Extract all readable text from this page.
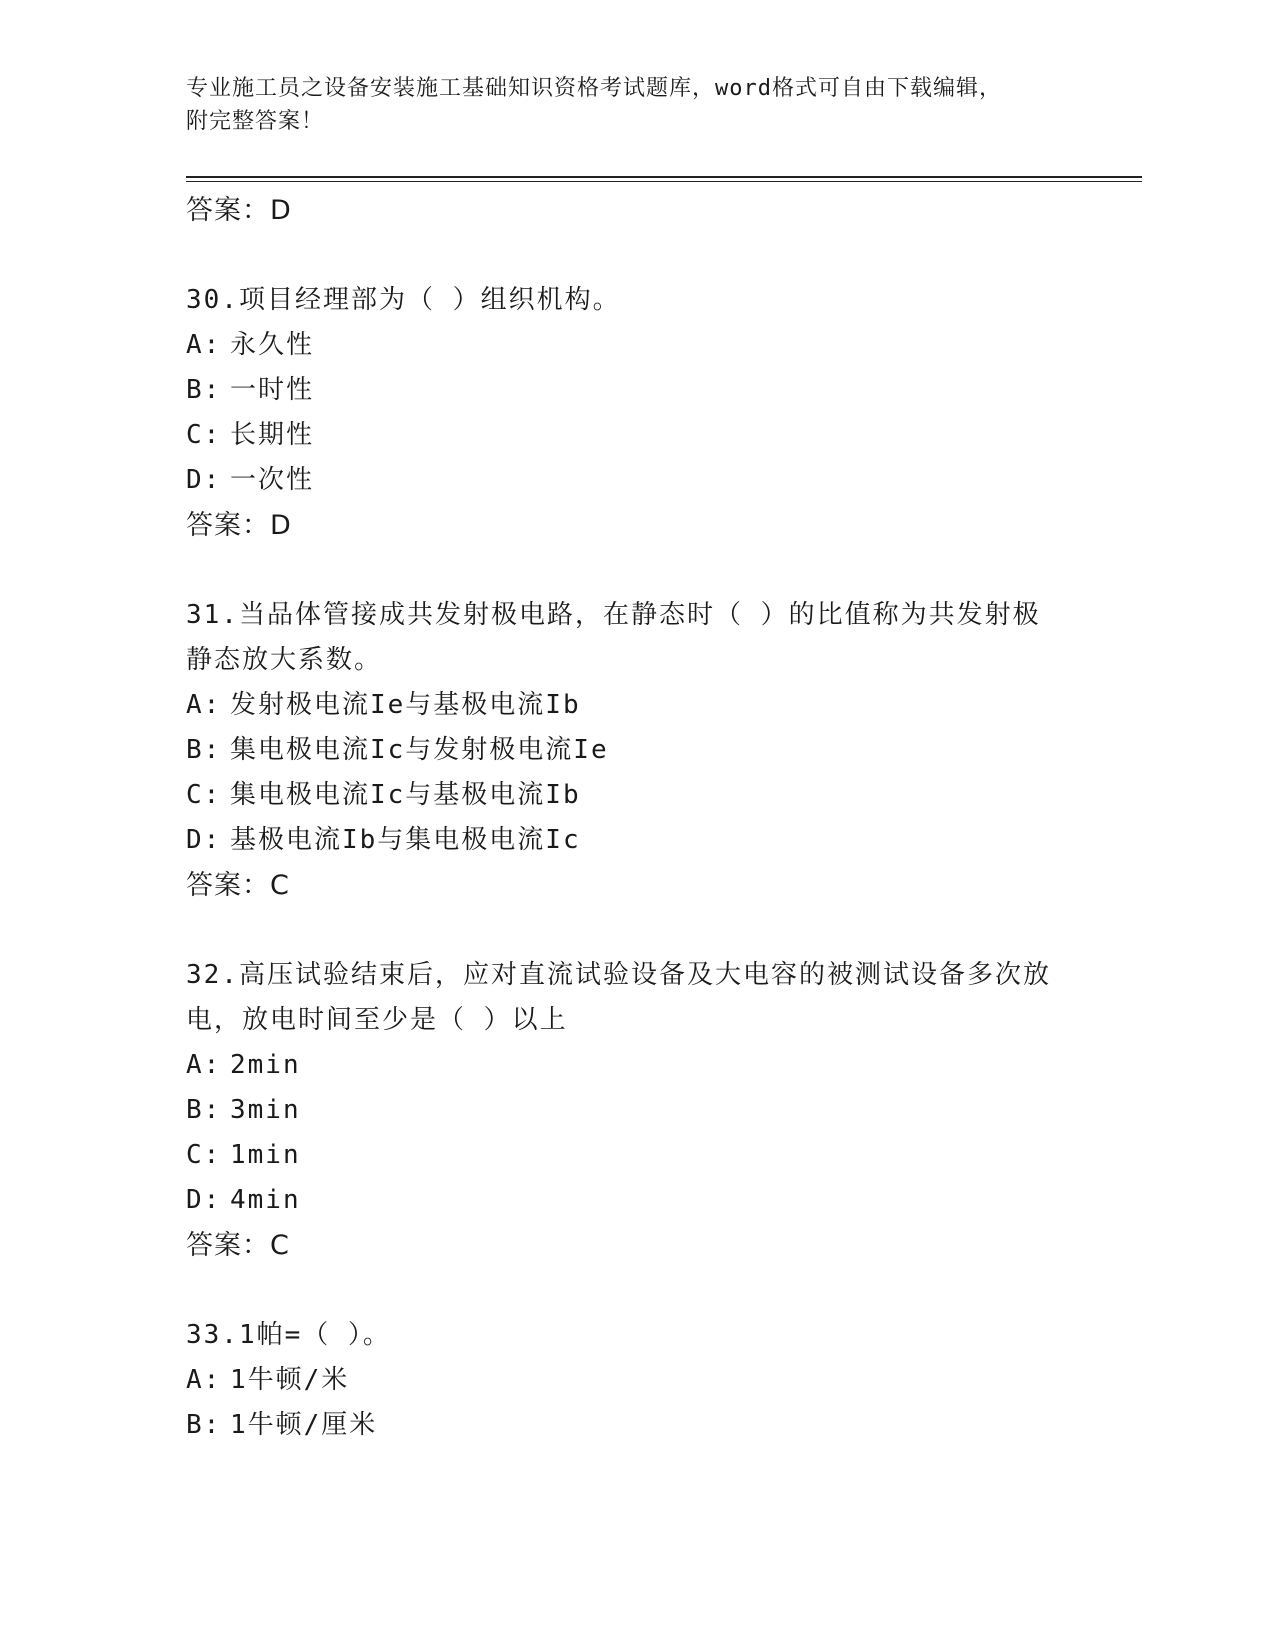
专业施工员之设备安装施工基础知识资格考试题库，word格式可自由下载编辑，
附完整答案！
答案：D
30.项目经理部为（ ）组织机构。
A: 永久性
B: 一时性
C: 长期性
D: 一次性
答案：D
31.当品体管接成共发射极电路，在静态时（ ）的比值称为共发射极
静态放大系数。
A: 发射极电流Ie与基极电流Ib
B: 集电极电流Ic与发射极电流Ie
C: 集电极电流Ic与基极电流Ib
D: 基极电流Ib与集电极电流Ic
答案：C
32.高压试验结束后，应对直流试验设备及大电容的被测试设备多次放
电，放电时间至少是（ ）以上
A: 2min
B: 3min
C: 1min
D: 4min
答案：C
33.1帕=（ ）。
A: 1牛顿/米
B: 1牛顿/厘米
